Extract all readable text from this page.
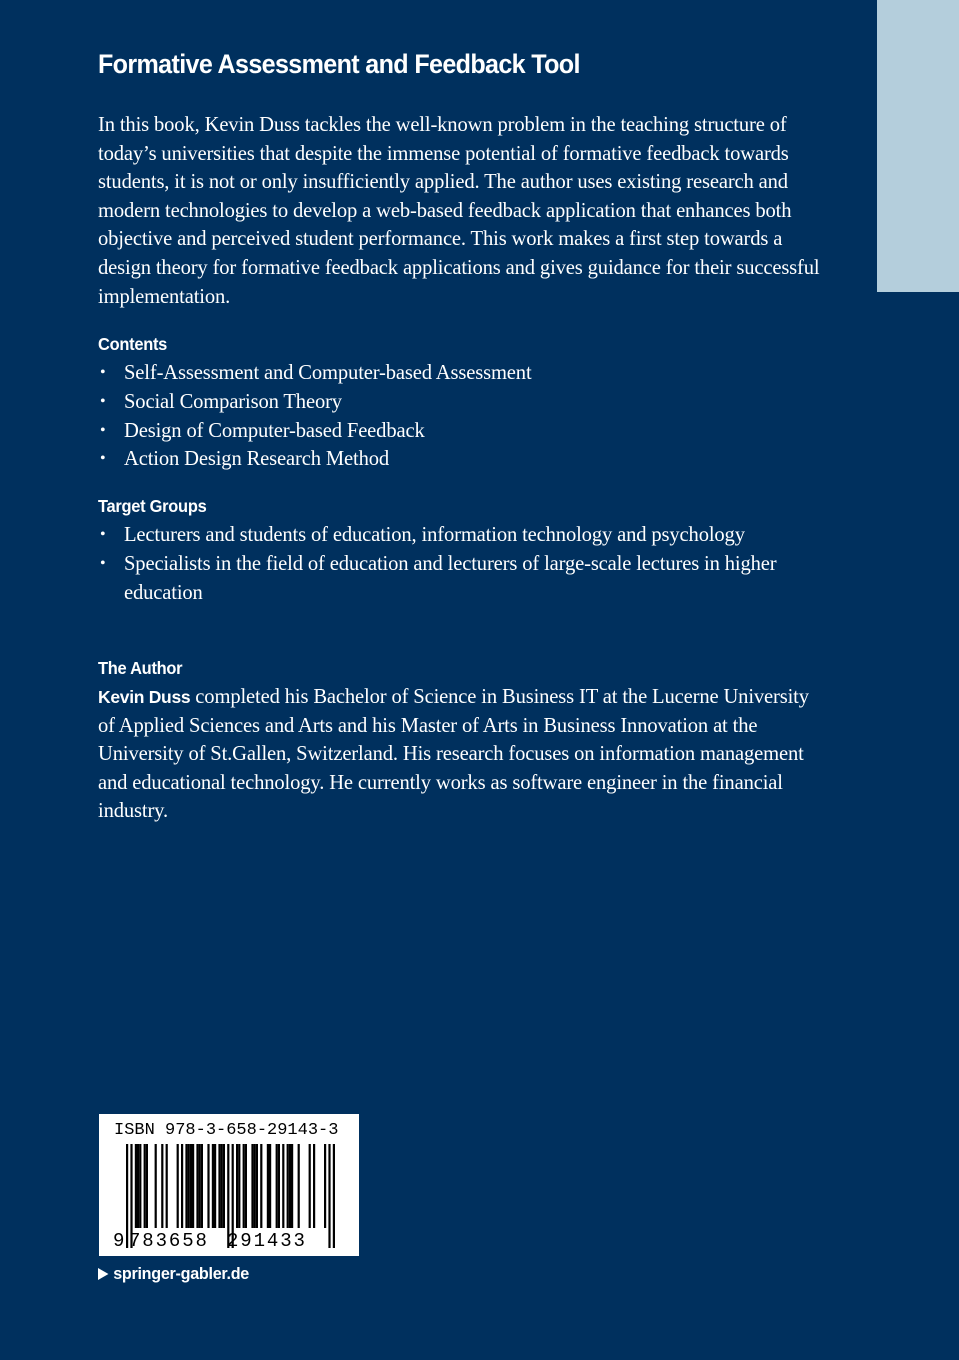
Formative Assessment and Feedback Tool

In this book, Kevin Duss tackles the well-known problem in the teaching structure of today’s universities that despite the immense potential of formative feedback towards students, it is not or only insufficiently applied. The author uses existing research and modern technologies to develop a web-based feedback application that enhances both objective and perceived student performance. This work makes a first step towards a design theory for formative feedback applications and gives guidance for their successful implementation.

Contents
• Self-Assessment and Computer-based Assessment
• Social Comparison Theory
• Design of Computer-based Feedback
• Action Design Research Method
Target Groups
• Lecturers and students of education, information technology and psychology
• Specialists in the field of education and lecturers of large-scale lectures in higher education
The Author

Kevin Duss completed his Bachelor of Science in Business IT at the Lucerne University of Applied Sciences and Arts and his Master of Arts in Business Innovation at the University of St.Gallen, Switzerland. His research focuses on information management and educational technology. He currently works as software engineer in the financial industry.

ISBN 978-3-658-29143-3
9 783658 291433
springer-gabler.de
